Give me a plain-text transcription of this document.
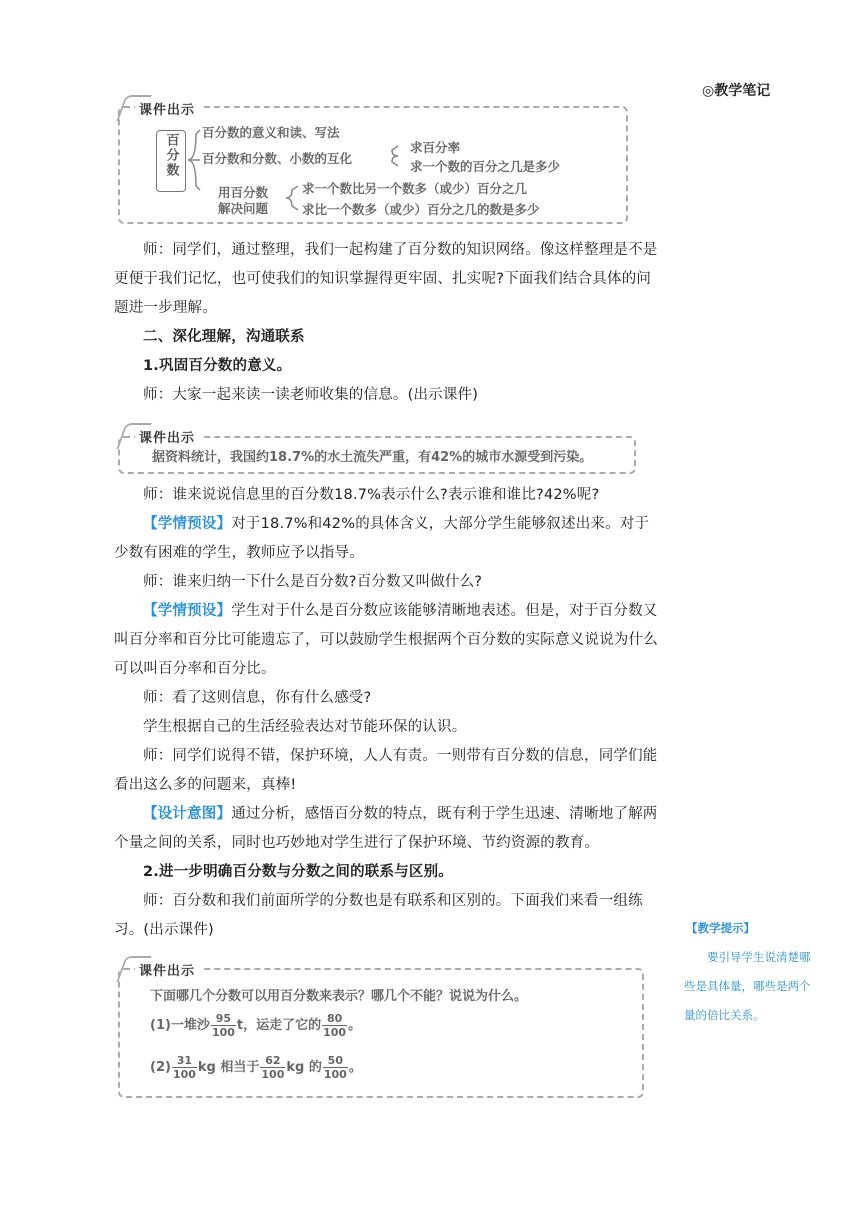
◎教学笔记
课件出示
百分数
百分数的意义和读、写法
百分数和分数、小数的互化
求百分率
求一个数的百分之几是多少
用百分数
解决问题
求一个数比另一个数多（或少）百分之几
求比一个数多（或少）百分之几的数是多少

师：同学们，通过整理，我们一起构建了百分数的知识网络。像这样整理是不是更便于我们记忆，也可使我们的知识掌握得更牢固、扎实呢?下面我们结合具体的问题进一步理解。

二、深化理解，沟通联系

1.巩固百分数的意义。

师：大家一起来读一读老师收集的信息。(出示课件)

课件出示
据资料统计，我国约18.7%的水土流失严重，有42%的城市水源受到污染。

师：谁来说说信息里的百分数18.7%表示什么?表示谁和谁比?42%呢?

【学情预设】对于18.7%和42%的具体含义，大部分学生能够叙述出来。对于少数有困难的学生，教师应予以指导。

师：谁来归纳一下什么是百分数?百分数又叫做什么?

【学情预设】学生对于什么是百分数应该能够清晰地表述。但是，对于百分数又叫百分率和百分比可能遗忘了，可以鼓励学生根据两个百分数的实际意义说说为什么可以叫百分率和百分比。

师：看了这则信息，你有什么感受?

学生根据自己的生活经验表达对节能环保的认识。

师：同学们说得不错，保护环境，人人有责。一则带有百分数的信息，同学们能看出这么多的问题来，真棒!

【设计意图】通过分析，感悟百分数的特点，既有利于学生迅速、清晰地了解两个量之间的关系，同时也巧妙地对学生进行了保护环境、节约资源的教育。

2.进一步明确百分数与分数之间的联系与区别。

师：百分数和我们前面所学的分数也是有联系和区别的。下面我们来看一组练习。(出示课件)	【教学提示】
要引导学生说清楚哪些是具体量，哪些是两个量的倍比关系。
课件出示
下面哪几个分数可以用百分数来表示？哪几个不能？说说为什么。
(1)一堆沙 $\frac{95}{100}$ t，运走了它的 $\frac{80}{100}$ 。
$(2) \frac{31}{100}$ kg 相当于 $\frac{62}{100}$ kg 的 $\frac{50}{100}$ 。
